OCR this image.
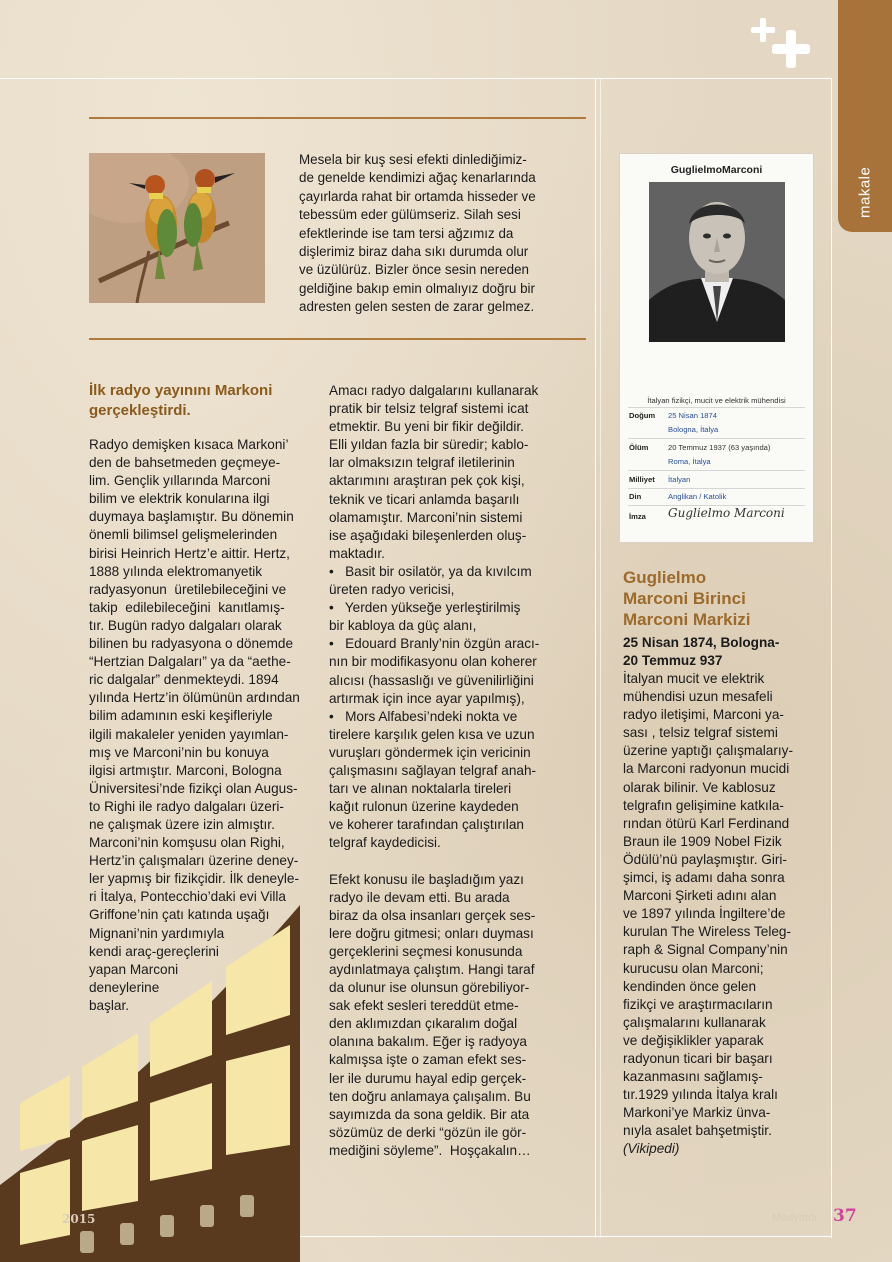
makale
Mesela bir kuş sesi efekti dinlediğimiz-
de genelde kendimizi ağaç kenarlarında
çayırlarda rahat bir ortamda hisseder ve
tebessüm eder gülümseriz. Silah sesi
efektlerinde ise tam tersi ağzımız da
dişlerimiz biraz daha sıkı durumda olur
ve üzülürüz. Bizler önce sesin nereden
geldiğine bakıp emin olmalıyız doğru bir
adresten gelen sesten de zarar gelmez.
İlk radyo yayınını Markoni
gerçekleştirdi.
Radyo demişken kısaca Markoni’
den de bahsetmeden geçmeye-
lim. Gençlik yıllarında Marconi
bilim ve elektrik konularına ilgi
duymaya başlamıştır. Bu dönemin
önemli bilimsel gelişmelerinden
birisi Heinrich Hertz’e aittir. Hertz,
1888 yılında elektromanyetik
radyasyonun  üretilebileceğini ve
takip  edilebileceğini  kanıtlamış-
tır. Bugün radyo dalgaları olarak
bilinen bu radyasyona o dönemde
“Hertzian Dalgaları” ya da “aethe-
ric dalgalar” denmekteydi. 1894
yılında Hertz’in ölümünün ardından
bilim adamının eski keşifleriyle
ilgili makaleler yeniden yayımlan-
mış ve Marconi’nin bu konuya
ilgisi artmıştır. Marconi, Bologna
Üniversitesi’nde fizikçi olan Augus-
to Righi ile radyo dalgaları üzeri-
ne çalışmak üzere izin almıştır.
Marconi’nin komşusu olan Righi,
Hertz’in çalışmaları üzerine deney-
ler yapmış bir fizikçidir. İlk deneyle-
ri İtalya, Pontecchio’daki evi Villa
Griffone’nin çatı katında uşağı
Mignani’nin yardımıyla
kendi araç-gereçlerini
yapan Marconi
deneylerine
başlar.
Amacı radyo dalgalarını kullanarak
pratik bir telsiz telgraf sistemi icat
etmektir. Bu yeni bir fikir değildir.
Elli yıldan fazla bir süredir; kablo-
lar olmaksızın telgraf iletilerinin
aktarımını araştıran pek çok kişi,
teknik ve ticari anlamda başarılı
olamamıştır. Marconi’nin sistemi
ise aşağıdaki bileşenlerden oluş-
maktadır.
•   Basit bir osilatör, ya da kıvılcım
üreten radyo vericisi,
•   Yerden yükseğe yerleştirilmiş
bir kabloya da güç alanı,
•   Edouard Branly’nin özgün aracı-
nın bir modifikasyonu olan koherer
alıcısı (hassaslığı ve güvenilirliğini
artırmak için ince ayar yapılmış),
•   Mors Alfabesi’ndeki nokta ve
tirelere karşılık gelen kısa ve uzun
vuruşları göndermek için vericinin
çalışmasını sağlayan telgraf anah-
tarı ve alınan noktalarla tireleri
kağıt rulonun üzerine kaydeden
ve koherer tarafından çalıştırılan
telgraf kaydedicisi.

Efekt konusu ile başladığım yazı
radyo ile devam etti. Bu arada
biraz da olsa insanları gerçek ses-
lere doğru gitmesi; onları duyması
gerçeklerini seçmesi konusunda
aydınlatmaya çalıştım. Hangi taraf
da olunur ise olunsun görebiliyor-
sak efekt sesleri tereddüt etme-
den aklımızdan çıkaralım doğal
olanına bakalım. Eğer iş radyoya
kalmışsa işte o zaman efekt ses-
ler ile durumu hayal edip gerçek-
ten doğru anlamaya çalışalım. Bu
sayımızda da sona geldik. Bir ata
sözümüz de derki “gözün ile gör-
mediğini söyleme”.  Hoşçakalın…
GuglielmoMarconi
İtalyan fizikçi, mucit ve elektrik mühendisi
Doğum 25 Nisan 1874
Bologna, İtalya
Ölüm	20 Temmuz 1937 (63 yaşında)
Roma, İtalya
Milliyet İtalyan
Din	Anglikan / Katolik
İmza Guglielmo Marconi
Guglielmo
Marconi Birinci
Marconi Markizi
25 Nisan 1874, Bologna-
20 Temmuz 937
İtalyan mucit ve elektrik
mühendisi uzun mesafeli
radyo iletişimi, Marconi ya-
sası , telsiz telgraf sistemi
üzerine yaptığı çalışmalarıy-
la Marconi radyonun mucidi
olarak bilinir. Ve kablosuz
telgrafın gelişimine katkıla-
rından ötürü Karl Ferdinand
Braun ile 1909 Nobel Fizik
Ödülü’nü paylaşmıştır. Giri-
şimci, iş adamı daha sonra
Marconi Şirketi adını alan
ve 1897 yılında İngiltere’de
kurulan The Wireless Teleg-
raph & Signal Company’nin
kurucusu olan Marconi;
kendinden önce gelen
fizikçi ve araştırmacıların
çalışmalarını kullanarak
ve değişiklikler yaparak
radyonun ticari bir başarı
kazanmasını sağlamış-
tır.1929 yılında İtalya kralı
Markoni’ye Markiz ünva-
nıyla asalet bahşetmiştir.
(Vikipedi)
2015	Medyatör 37
